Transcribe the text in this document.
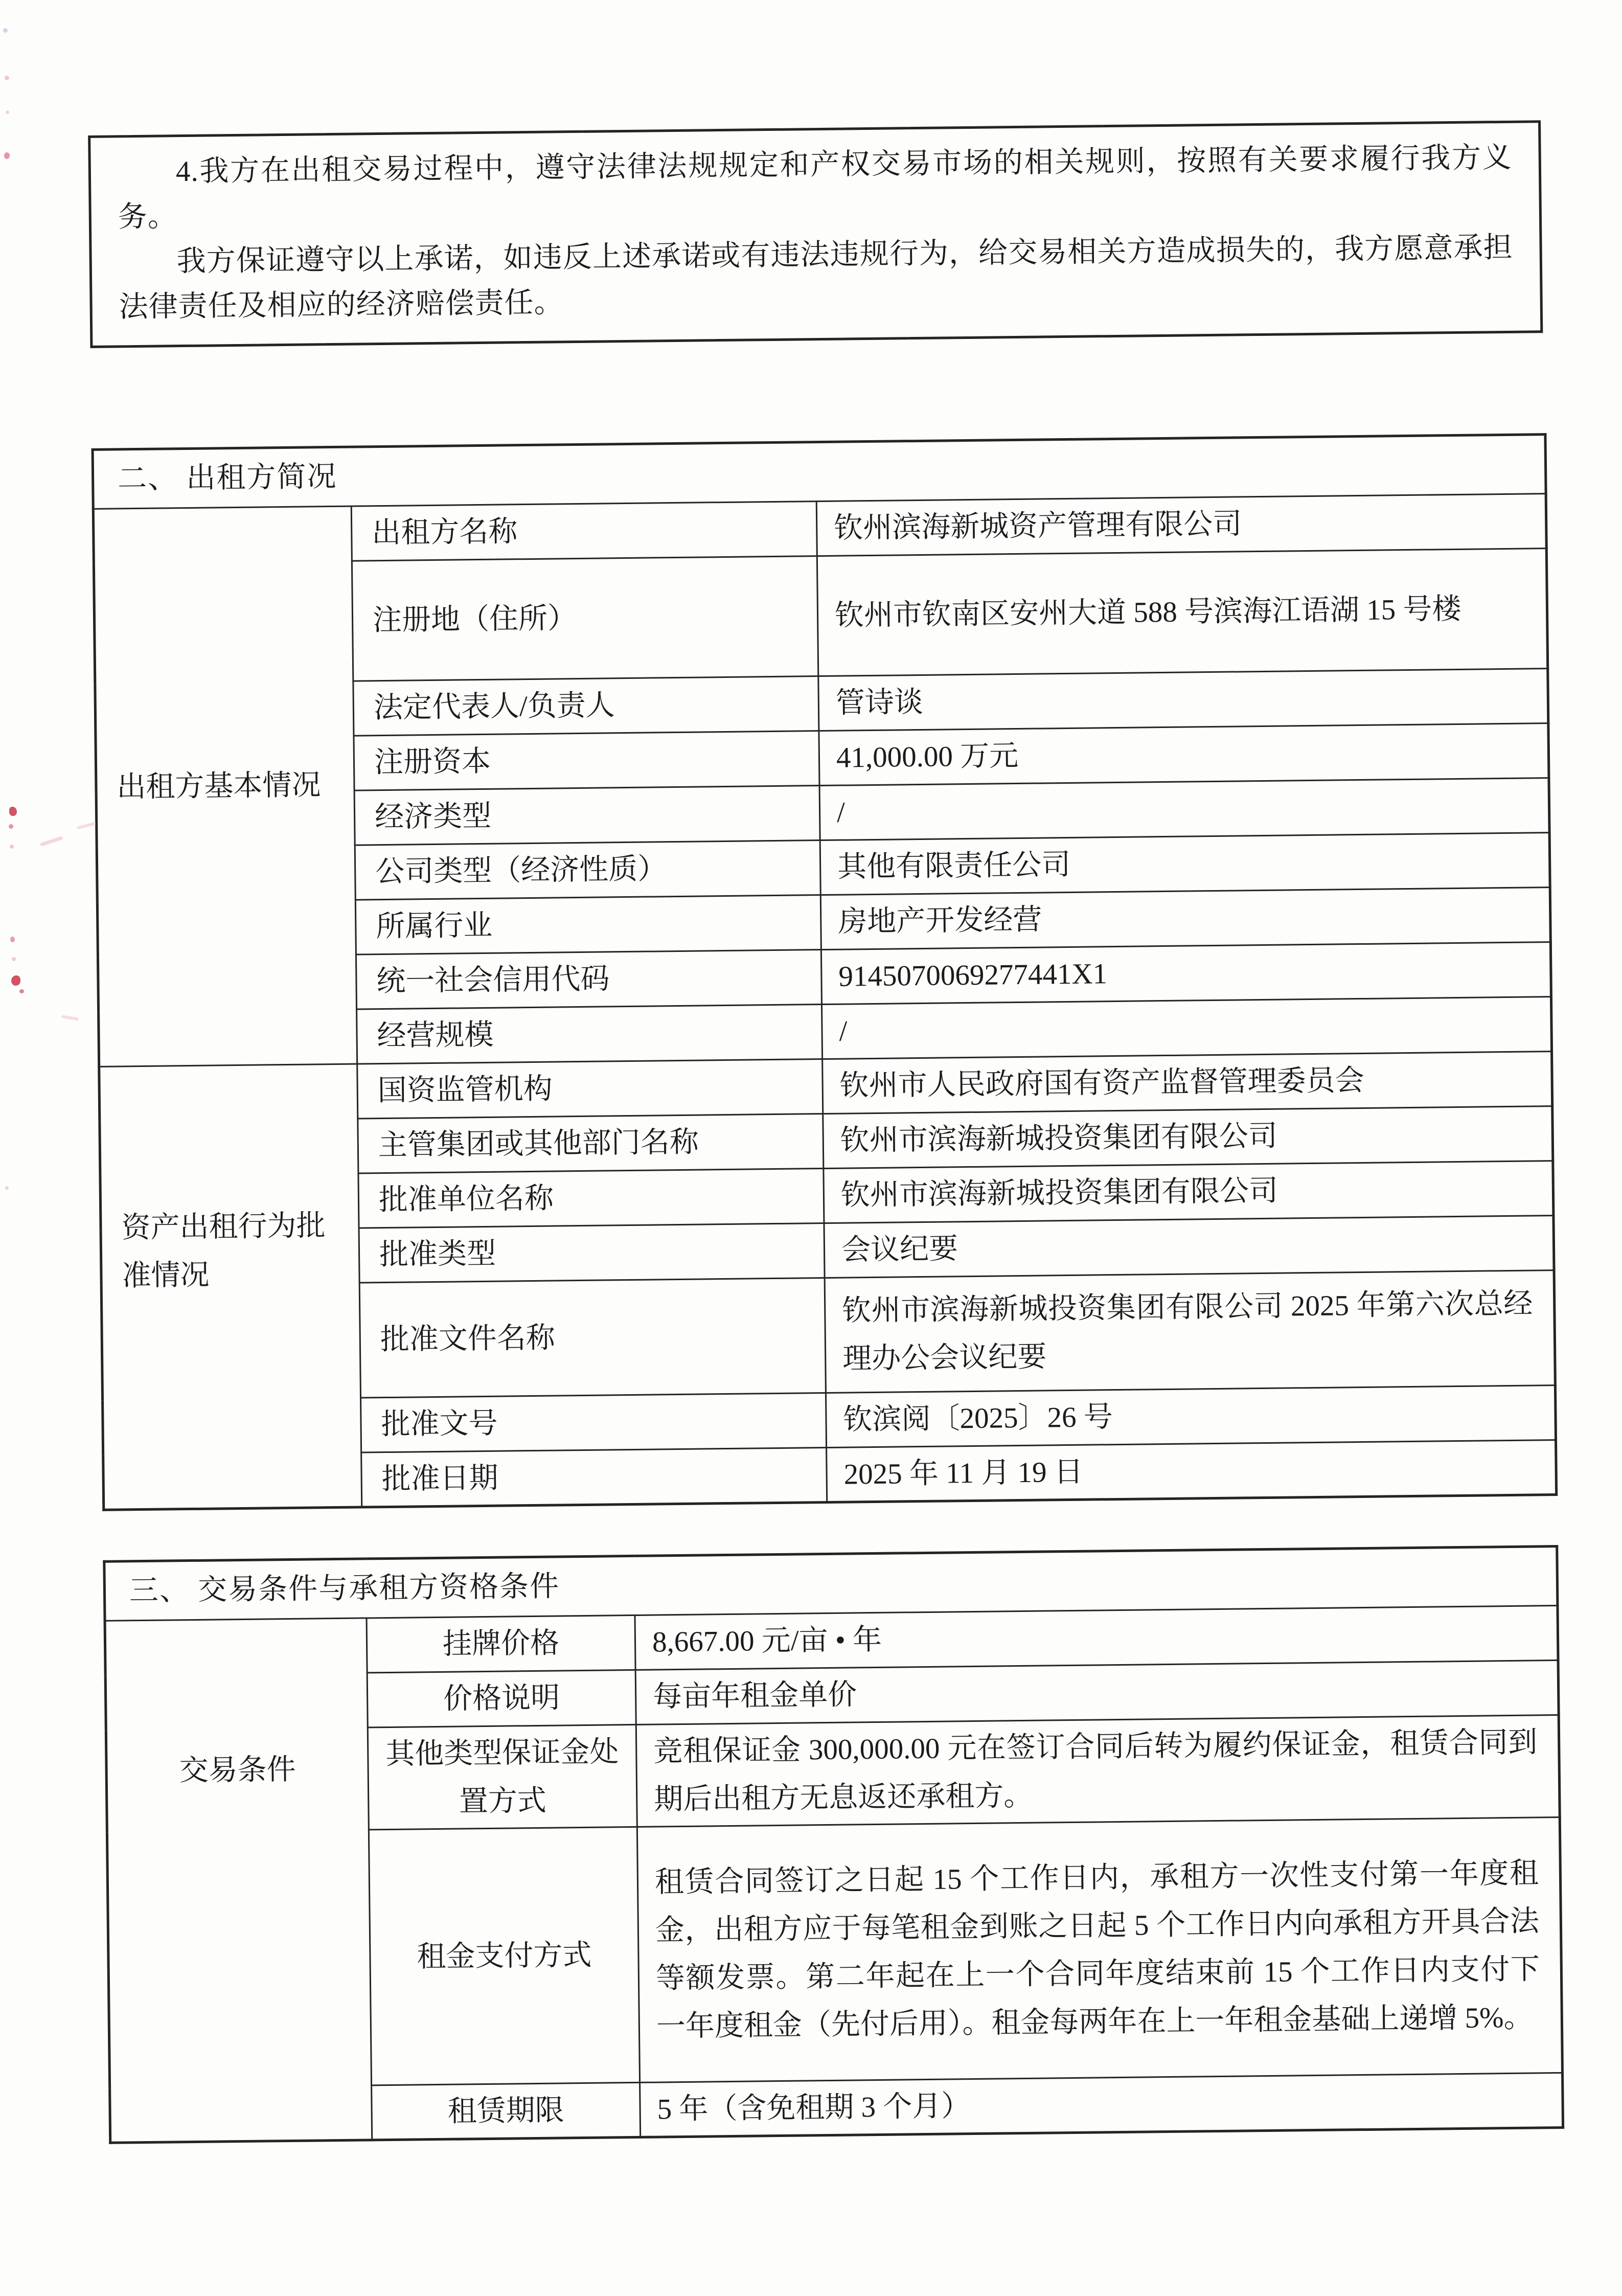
4.我方在出租交易过程中，遵守法律法规规定和产权交易市场的相关规则，按照有关要求履行我方义务。

我方保证遵守以上承诺，如违反上述承诺或有违法违规行为，给交易相关方造成损失的，我方愿意承担法律责任及相应的经济赔偿责任。

二、 出租方简况		
出租方基本情况	出租方名称	钦州滨海新城资产管理有限公司
	注册地（住所）	钦州市钦南区安州大道 588 号滨海江语湖 15 号楼
	法定代表人/负责人	管诗谈
	注册资本	41,000.00 万元
	经济类型	/
	公司类型（经济性质）	其他有限责任公司
	所属行业	房地产开发经营
	统一社会信用代码	9145070069277441X1
	经营规模	/
资产出租行为批准情况	国资监管机构	钦州市人民政府国有资产监督管理委员会
	主管集团或其他部门名称	钦州市滨海新城投资集团有限公司
	批准单位名称	钦州市滨海新城投资集团有限公司
	批准类型	会议纪要
	批准文件名称	钦州市滨海新城投资集团有限公司 2025 年第六次总经理办公会议纪要
	批准文号	钦滨阅〔2025〕26 号
	批准日期	2025 年 11 月 19 日
三、 交易条件与承租方资格条件		
交易条件	挂牌价格	8,667.00 元/亩 • 年
	价格说明	每亩年租金单价
	其他类型保证金处置方式	竞租保证金 300,000.00 元在签订合同后转为履约保证金，租赁合同到期后出租方无息返还承租方。
	租金支付方式	租赁合同签订之日起 15 个工作日内，承租方一次性支付第一年度租金，出租方应于每笔租金到账之日起 5 个工作日内向承租方开具合法等额发票。第二年起在上一个合同年度结束前 15 个工作日内支付下一年度租金（先付后用）。租金每两年在上一年租金基础上递增 5%。
	租赁期限	5 年（含免租期 3 个月）
